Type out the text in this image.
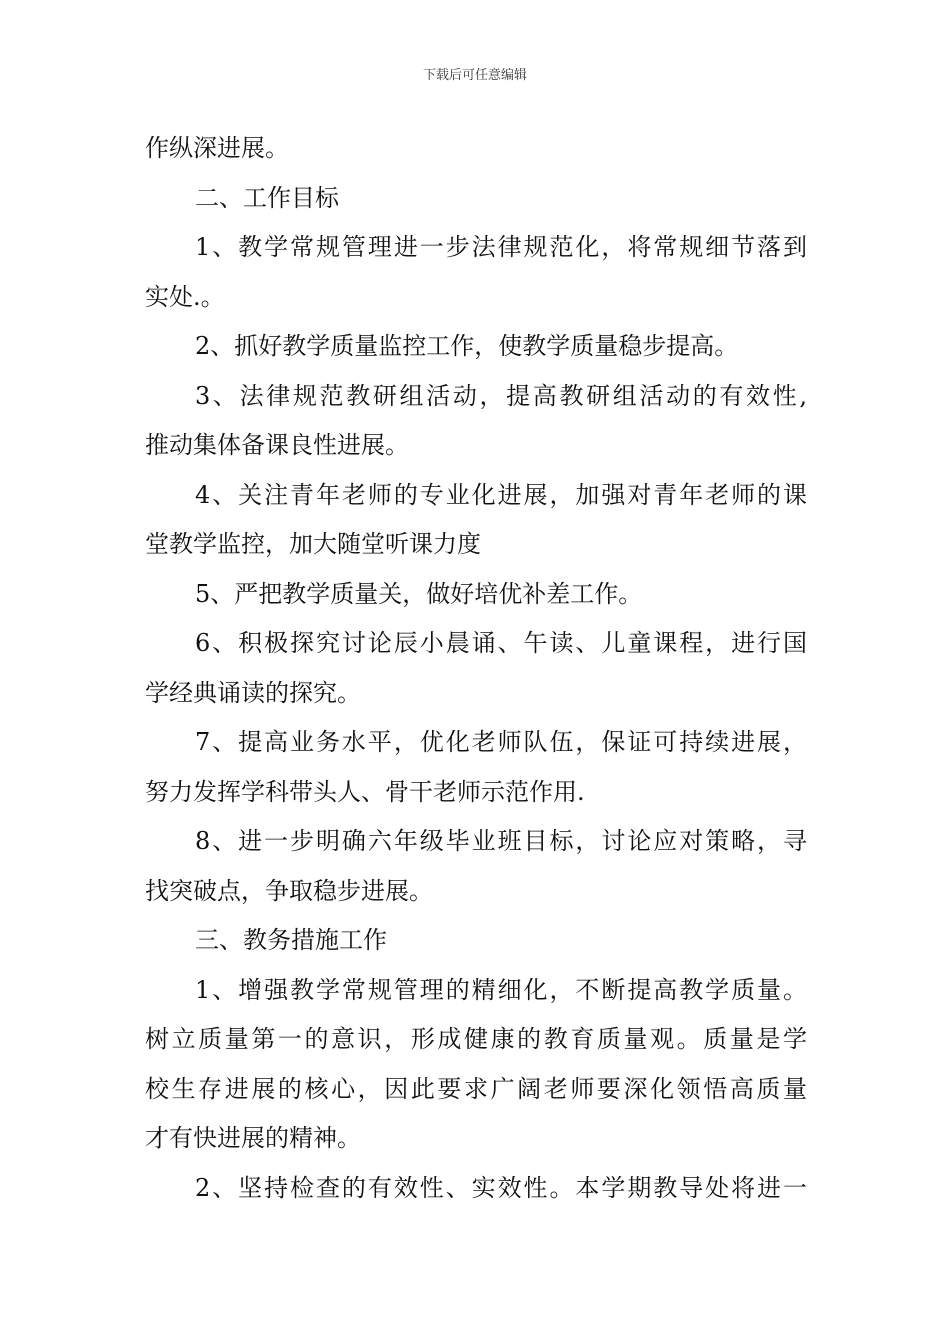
下载后可任意编辑
作纵深进展。
二、工作目标
1、教学常规管理进一步法律规范化，将常规细节落到
实处.。
2、抓好教学质量监控工作，使教学质量稳步提高。
3、法律规范教研组活动，提高教研组活动的有效性,
推动集体备课良性进展。
4、关注青年老师的专业化进展，加强对青年老师的课
堂教学监控，加大随堂听课力度
5、严把教学质量关，做好培优补差工作。
6、积极探究讨论辰小晨诵、午读、儿童课程，进行国
学经典诵读的探究。
7、提高业务水平，优化老师队伍，保证可持续进展，
努力发挥学科带头人、骨干老师示范作用.
8、进一步明确六年级毕业班目标，讨论应对策略，寻
找突破点，争取稳步进展。
三、教务措施工作
1、增强教学常规管理的精细化，不断提高教学质量。
树立质量第一的意识，形成健康的教育质量观。质量是学
校生存进展的核心，因此要求广阔老师要深化领悟高质量
才有快进展的精神。
2、坚持检查的有效性、实效性。本学期教导处将进一
